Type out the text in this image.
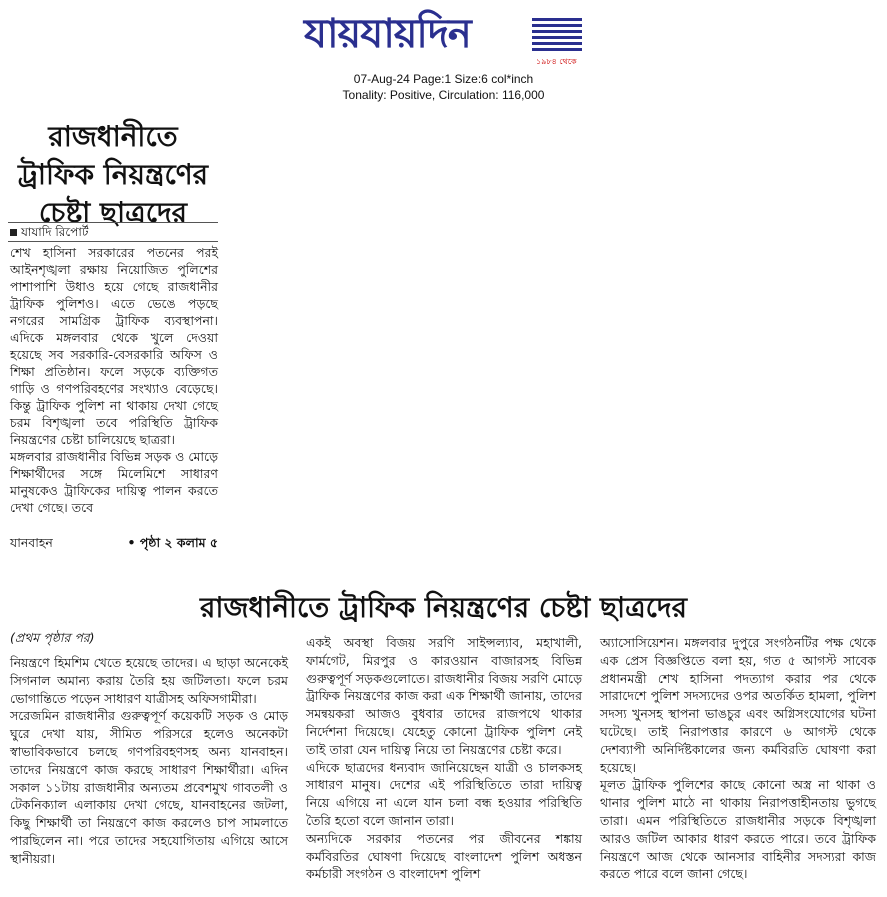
যায়যায়দিন
১৯৮৪ থেকে
07-Aug-24 Page:1 Size:6 col*inch
Tonality: Positive, Circulation: 116,000
রাজধানীতে ট্রাফিক নিয়ন্ত্রণের চেষ্টা ছাত্রদের
যাযাদি রিপোর্ট

শেখ হাসিনা সরকারের পতনের পরই আইনশৃঙ্খলা রক্ষায় নিয়োজিত পুলিশের পাশাপাশি উধাও হয়ে গেছে রাজধানীর ট্রাফিক পুলিশও। এতে ভেঙে পড়ছে নগরের সামগ্রিক ট্রাফিক ব্যবস্থাপনা। এদিকে মঙ্গলবার থেকে খুলে দেওয়া হয়েছে সব সরকারি-বেসরকারি অফিস ও শিক্ষা প্রতিষ্ঠান। ফলে সড়কে ব্যক্তিগত গাড়ি ও গণপরিবহণের সংখ্যাও বেড়েছে। কিন্তু ট্রাফিক পুলিশ না থাকায় দেখা গেছে চরম বিশৃঙ্খলা তবে পরিস্থিতি ট্রাফিক নিয়ন্ত্রণের চেষ্টা চালিয়েছে ছাত্ররা।

মঙ্গলবার রাজধানীর বিভিন্ন সড়ক ও মোড়ে শিক্ষার্থীদের সঙ্গে মিলেমিশে সাধারণ মানুষকেও ট্রাফিকের দায়িত্ব পালন করতে দেখা গেছে। তবে

যানবাহন	• পৃষ্ঠা ২ কলাম ৫
রাজধানীতে ট্রাফিক নিয়ন্ত্রণের চেষ্টা ছাত্রদের
(প্রথম পৃষ্ঠার পর)

নিয়ন্ত্রণে হিমশিম খেতে হয়েছে তাদের। এ ছাড়া অনেকেই সিগনাল অমান্য করায় তৈরি হয় জটিলতা। ফলে চরম ভোগান্তিতে পড়েন সাধারণ যাত্রীসহ অফিসগামীরা।

সরেজমিন রাজধানীর গুরুত্বপূর্ণ কয়েকটি সড়ক ও মোড় ঘুরে দেখা যায়, সীমিত পরিসরে হলেও অনেকটা স্বাভাবিকভাবে চলছে গণপরিবহণসহ অন্য যানবাহন। তাদের নিয়ন্ত্রণে কাজ করছে সাধারণ শিক্ষার্থীরা। এদিন সকাল ১১টায় রাজধানীর অন্যতম প্রবেশমুখ গাবতলী ও টেকনিক্যাল এলাকায় দেখা গেছে, যানবাহনের জটলা, কিছু শিক্ষার্থী তা নিয়ন্ত্রণে কাজ করলেও চাপ সামলাতে পারছিলেন না। পরে তাদের সহযোগিতায় এগিয়ে আসে স্থানীয়রা।

একই অবস্থা বিজয় সরণি সাইন্সল্যাব, মহাখালী, ফার্মগেট, মিরপুর ও কারওয়ান বাজারসহ বিভিন্ন গুরুত্বপূর্ণ সড়কগুলোতে। রাজধানীর বিজয় সরণি মোড়ে ট্রাফিক নিয়ন্ত্রণের কাজ করা এক শিক্ষার্থী জানায়, তাদের সমন্বয়করা আজও বুধবার তাদের রাজপথে থাকার নির্দেশনা দিয়েছে। যেহেতু কোনো ট্রাফিক পুলিশ নেই তাই তারা যেন দায়িত্ব নিয়ে তা নিয়ন্ত্রণের চেষ্টা করে।

এদিকে ছাত্রদের ধন্যবাদ জানিয়েছেন যাত্রী ও চালকসহ সাধারণ মানুষ। দেশের এই পরিস্থিতিতে তারা দায়িত্ব নিয়ে এগিয়ে না এলে যান চলা বন্ধ হওয়ার পরিস্থিতি তৈরি হতো বলে জানান তারা।

অন্যদিকে সরকার পতনের পর জীবনের শঙ্কায় কর্মবিরতির ঘোষণা দিয়েছে বাংলাদেশ পুলিশ অধস্তন কর্মচারী সংগঠন ও বাংলাদেশ পুলিশ

অ্যাসোসিয়েশন। মঙ্গলবার দুপুরে সংগঠনটির পক্ষ থেকে এক প্রেস বিজ্ঞপ্তিতে বলা হয়, গত ৫ আগস্ট সাবেক প্রধানমন্ত্রী শেখ হাসিনা পদত্যাগ করার পর থেকে সারাদেশে পুলিশ সদস্যদের ওপর অতর্কিত হামলা, পুলিশ সদস্য খুনসহ স্থাপনা ভাঙচুর এবং অগ্নিসংযোগের ঘটনা ঘটেছে। তাই নিরাপত্তার কারণে ৬ আগস্ট থেকে দেশব্যাপী অনির্দিষ্টকালের জন্য কর্মবিরতি ঘোষণা করা হয়েছে।

মূলত ট্রাফিক পুলিশের কাছে কোনো অস্ত্র না থাকা ও থানার পুলিশ মাঠে না থাকায় নিরাপত্তাহীনতায় ভুগছে তারা। এমন পরিস্থিতিতে রাজধানীর সড়কে বিশৃঙ্খলা আরও জটিল আকার ধারণ করতে পারে। তবে ট্রাফিক নিয়ন্ত্রণে আজ থেকে আনসার বাহিনীর সদস্যরা কাজ করতে পারে বলে জানা গেছে।
